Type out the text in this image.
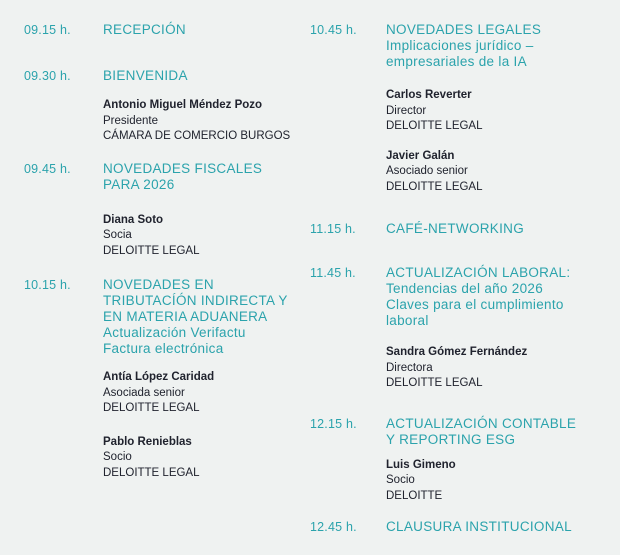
09.15 h.	RECEPCIÓN
09.30 h.	BIENVENIDA
Antonio Miguel Méndez Pozo
Presidente
CÁMARA DE COMERCIO BURGOS
09.45 h.	NOVEDADES FISCALES
PARA 2026
Diana Soto
Socia
DELOITTE LEGAL
10.15 h.	NOVEDADES EN
TRIBUTACÍÓN INDIRECTA Y
EN MATERIA ADUANERA
Actualización Verifactu
Factura electrónica
Antía López Caridad
Asociada senior
DELOITTE LEGAL
Pablo Renieblas
Socio
DELOITTE LEGAL
10.45 h.	NOVEDADES LEGALES
Implicaciones jurídico –
empresariales de la IA
Carlos Reverter
Director
DELOITTE LEGAL
Javier Galán
Asociado senior
DELOITTE LEGAL
11.15 h.	CAFÉ-NETWORKING
11.45 h.	ACTUALIZACIÓN LABORAL:
Tendencias del año 2026
Claves para el cumplimiento
laboral
Sandra Gómez Fernández
Directora
DELOITTE LEGAL
12.15 h.	ACTUALIZACIÓN CONTABLE
Y REPORTING ESG
Luis Gimeno
Socio
DELOITTE
12.45 h.	CLAUSURA INSTITUCIONAL
